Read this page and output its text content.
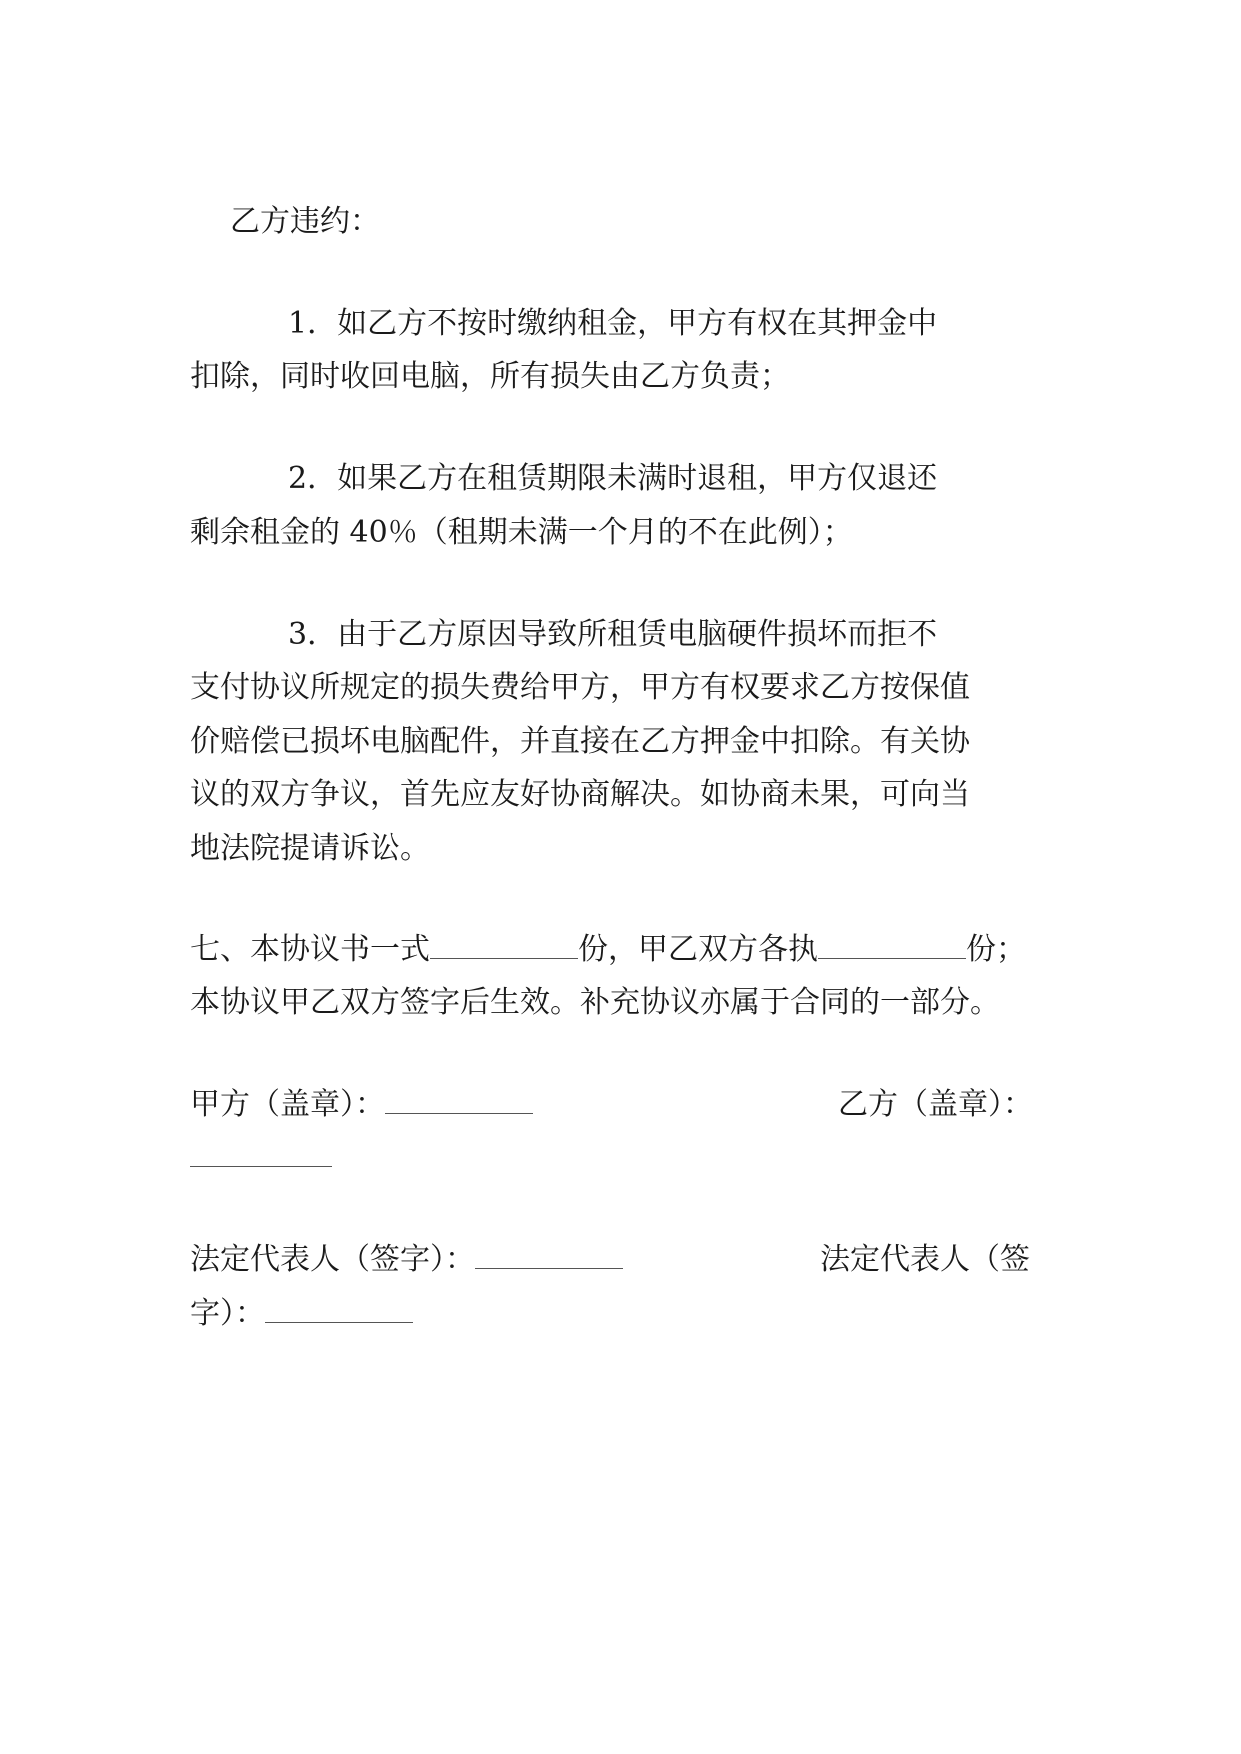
乙方违约：
1．如乙方不按时缴纳租金，甲方有权在其押金中
扣除，同时收回电脑，所有损失由乙方负责；
2．如果乙方在租赁期限未满时退租，甲方仅退还
剩余租金的 40％（租期未满一个月的不在此例）；
3．由于乙方原因导致所租赁电脑硬件损坏而拒不
支付协议所规定的损失费给甲方，甲方有权要求乙方按保值
价赔偿已损坏电脑配件，并直接在乙方押金中扣除。有关协
议的双方争议，首先应友好协商解决。如协商未果，可向当
地法院提请诉讼。
七、本协议书一式	份，甲乙双方各执	份；
本协议甲乙双方签字后生效。补充协议亦属于合同的一部分。
甲方（盖章）：	乙方（盖章）：
法定代表人（签字）：	法定代表人（签
字）：
